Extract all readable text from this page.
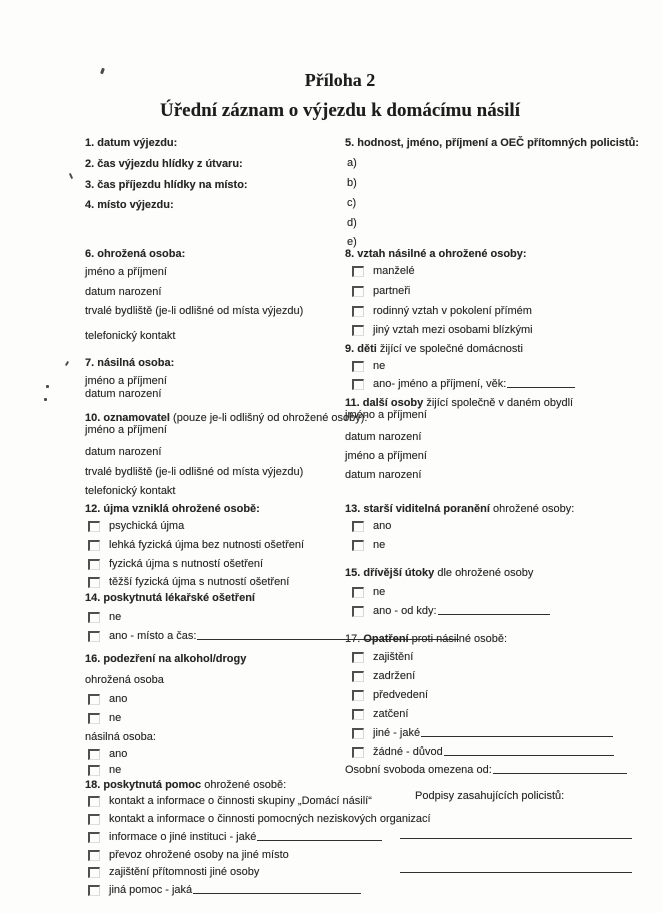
Příloha 2
Úřední záznam o výjezdu k domácímu násilí
1. datum výjezdu:
2. čas výjezdu hlídky z útvaru:
3. čas příjezdu hlídky na místo:
4. místo výjezdu:
6. ohrožená osoba:
jméno a příjmení
datum narození
trvalé bydliště (je-li odlišné od místa výjezdu)
telefonický kontakt
7. násilná osoba:
jméno a příjmení
datum narození
10. oznamovatel (pouze je-li odlišný od ohrožené osoby):
jméno a příjmení
datum narození
trvalé bydliště (je-li odlišné od místa výjezdu)
telefonický kontakt
12. újma vzniklá ohrožené osobě:
psychická újma
lehká fyzická újma bez nutnosti ošetření
fyzická újma s nutností ošetření
těžší fyzická újma s nutností ošetření
14. poskytnutá lékařské ošetření
ne
ano - místo a čas:
16. podezření na alkohol/drogy
ohrožená osoba
ano
ne
násilná osoba:
ano
ne
18. poskytnutá pomoc ohrožené osobě:
kontakt a informace o činnosti skupiny „Domácí násilí“
kontakt a informace o činnosti pomocných neziskových organizací
informace o jiné instituci - jaké
převoz ohrožené osoby na jiné místo
zajištění přítomnosti jiné osoby
jiná pomoc - jaká
5. hodnost, jméno, příjmení a OEČ přítomných policistů:
a)
b)
c)
d)
e)
8. vztah násilné a ohrožené osoby:
manželé
partneři
rodinný vztah v pokolení přímém
jiný vztah mezi osobami blízkými
9. děti žijící ve společné domácnosti
ne
ano- jméno a příjmení, věk:
11. další osoby žijící společně v daném obydlí
jméno a příjmení
datum narození
jméno a příjmení
datum narození
13. starší viditelná poranění ohrožené osoby:
ano
ne
15. dřívější útoky dle ohrožené osoby
ne
ano - od kdy:
17. Opatření proti násilné osobě:
zajištění
zadržení
předvedení
zatčení
jiné - jaké
žádné - důvod
Osobní svoboda omezena od:
Podpisy zasahujících policistů:
